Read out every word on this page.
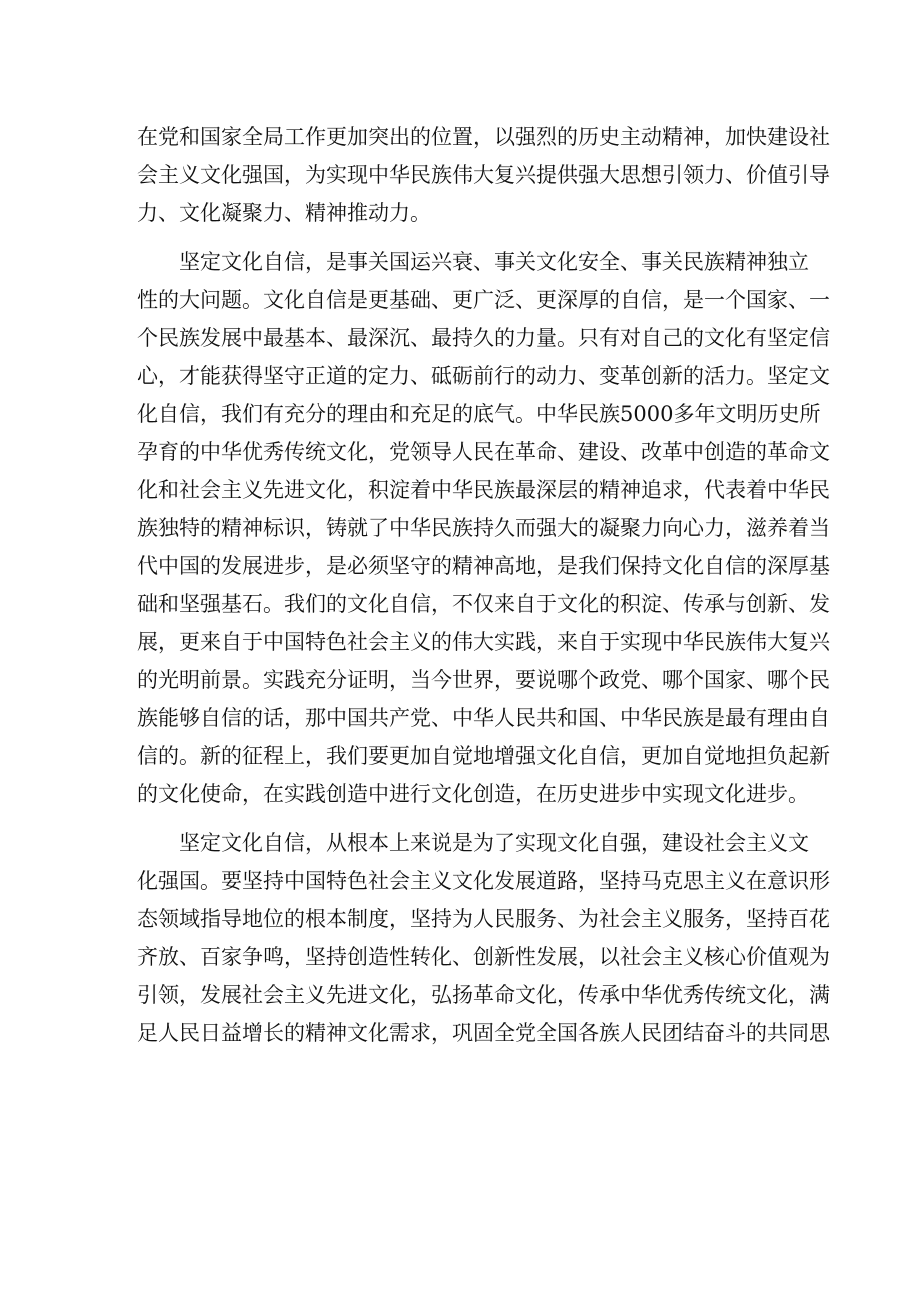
在党和国家全局工作更加突出的位置，以强烈的历史主动精神，加快建设社
会主义文化强国，为实现中华民族伟大复兴提供强大思想引领力、价值引导
力、文化凝聚力、精神推动力。
坚定文化自信，是事关国运兴衰、事关文化安全、事关民族精神独立
性的大问题。文化自信是更基础、更广泛、更深厚的自信，是一个国家、一
个民族发展中最基本、最深沉、最持久的力量。只有对自己的文化有坚定信
心，才能获得坚守正道的定力、砥砺前行的动力、变革创新的活力。坚定文
化自信，我们有充分的理由和充足的底气。中华民族5000多年文明历史所
孕育的中华优秀传统文化，党领导人民在革命、建设、改革中创造的革命文
化和社会主义先进文化，积淀着中华民族最深层的精神追求，代表着中华民
族独特的精神标识，铸就了中华民族持久而强大的凝聚力向心力，滋养着当
代中国的发展进步，是必须坚守的精神高地，是我们保持文化自信的深厚基
础和坚强基石。我们的文化自信，不仅来自于文化的积淀、传承与创新、发
展，更来自于中国特色社会主义的伟大实践，来自于实现中华民族伟大复兴
的光明前景。实践充分证明，当今世界，要说哪个政党、哪个国家、哪个民
族能够自信的话，那中国共产党、中华人民共和国、中华民族是最有理由自
信的。新的征程上，我们要更加自觉地增强文化自信，更加自觉地担负起新
的文化使命，在实践创造中进行文化创造，在历史进步中实现文化进步。
坚定文化自信，从根本上来说是为了实现文化自强，建设社会主义文
化强国。要坚持中国特色社会主义文化发展道路，坚持马克思主义在意识形
态领域指导地位的根本制度，坚持为人民服务、为社会主义服务，坚持百花
齐放、百家争鸣，坚持创造性转化、创新性发展，以社会主义核心价值观为
引领，发展社会主义先进文化，弘扬革命文化，传承中华优秀传统文化，满
足人民日益增长的精神文化需求，巩固全党全国各族人民团结奋斗的共同思
